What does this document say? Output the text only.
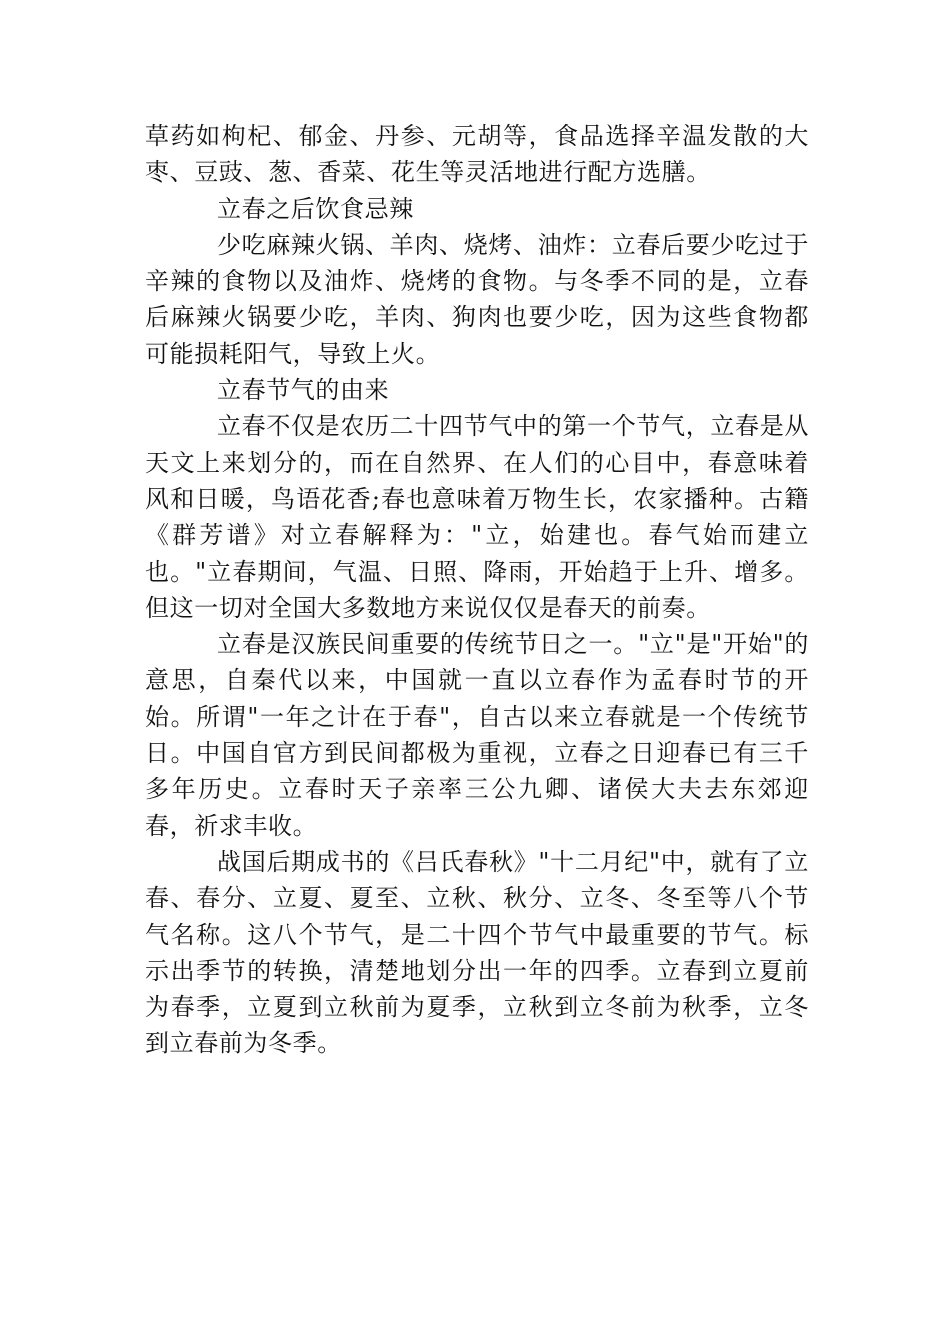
草药如枸杞、郁金、丹参、元胡等，食品选择辛温发散的大枣、豆豉、葱、香菜、花生等灵活地进行配方选膳。

立春之后饮食忌辣

少吃麻辣火锅、羊肉、烧烤、油炸：立春后要少吃过于辛辣的食物以及油炸、烧烤的食物。与冬季不同的是，立春后麻辣火锅要少吃，羊肉、狗肉也要少吃，因为这些食物都可能损耗阳气，导致上火。

立春节气的由来

立春不仅是农历二十四节气中的第一个节气，立春是从天文上来划分的，而在自然界、在人们的心目中，春意味着风和日暖，鸟语花香;春也意味着万物生长，农家播种。古籍《群芳谱》对立春解释为："立，始建也。春气始而建立也。"立春期间，气温、日照、降雨，开始趋于上升、增多。但这一切对全国大多数地方来说仅仅是春天的前奏。

立春是汉族民间重要的传统节日之一。"立"是"开始"的意思，自秦代以来，中国就一直以立春作为孟春时节的开始。所谓"一年之计在于春"，自古以来立春就是一个传统节日。中国自官方到民间都极为重视，立春之日迎春已有三千多年历史。立春时天子亲率三公九卿、诸侯大夫去东郊迎春，祈求丰收。

战国后期成书的《吕氏春秋》"十二月纪"中，就有了立春、春分、立夏、夏至、立秋、秋分、立冬、冬至等八个节气名称。这八个节气，是二十四个节气中最重要的节气。标示出季节的转换，清楚地划分出一年的四季。立春到立夏前为春季，立夏到立秋前为夏季，立秋到立冬前为秋季，立冬到立春前为冬季。
